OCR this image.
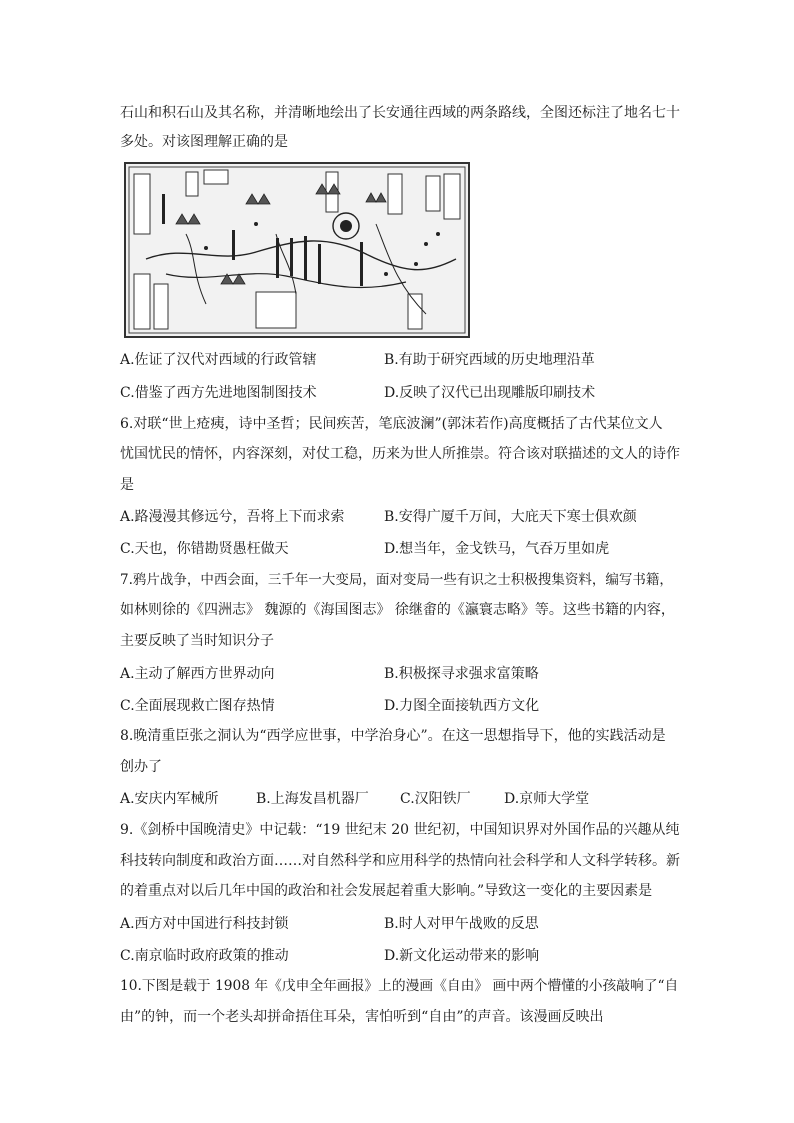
石山和积石山及其名称，并清晰地绘出了长安通往西域的两条路线，全图还标注了地名七十
多处。对该图理解正确的是
A.佐证了汉代对西域的行政管辖	B.有助于研究西域的历史地理沿革
C.借鉴了西方先进地图制图技术	D.反映了汉代已出现雕版印刷技术
6.对联“世上疮痍，诗中圣哲；民间疾苦，笔底波澜”(郭沫若作)高度概括了古代某位文人
忧国忧民的情怀，内容深刻，对仗工稳，历来为世人所推崇。符合该对联描述的文人的诗作
是
A.路漫漫其修远兮，吾将上下而求索	B.安得广厦千万间，大庇天下寒士俱欢颜
C.天也，你错勘贤愚枉做天	D.想当年，金戈铁马，气吞万里如虎
7.鸦片战争，中西会面，三千年一大变局，面对变局一些有识之士积极搜集资料，编写书籍，
如林则徐的《四洲志》 魏源的《海国图志》 徐继畬的《瀛寰志略》等。这些书籍的内容，
主要反映了当时知识分子
A.主动了解西方世界动向	B.积极探寻求强求富策略
C.全面展现救亡图存热情	D.力图全面接轨西方文化
8.晚清重臣张之洞认为“西学应世事，中学治身心”。在这一思想指导下，他的实践活动是
创办了
A.安庆内军械所	B.上海发昌机器厂 C.汉阳铁厂 D.京师大学堂
9.《剑桥中国晚清史》中记载：“19 世纪末 20 世纪初，中国知识界对外国作品的兴趣从纯
科技转向制度和政治方面……对自然科学和应用科学的热情向社会科学和人文科学转移。新
的着重点对以后几年中国的政治和社会发展起着重大影响。”导致这一变化的主要因素是
A.西方对中国进行科技封锁	B.时人对甲午战败的反思
C.南京临时政府政策的推动	D.新文化运动带来的影响
10.下图是载于 1908 年《戊申全年画报》上的漫画《自由》 画中两个懵懂的小孩敲响了“自
由”的钟，而一个老头却拼命捂住耳朵，害怕听到“自由”的声音。该漫画反映出
